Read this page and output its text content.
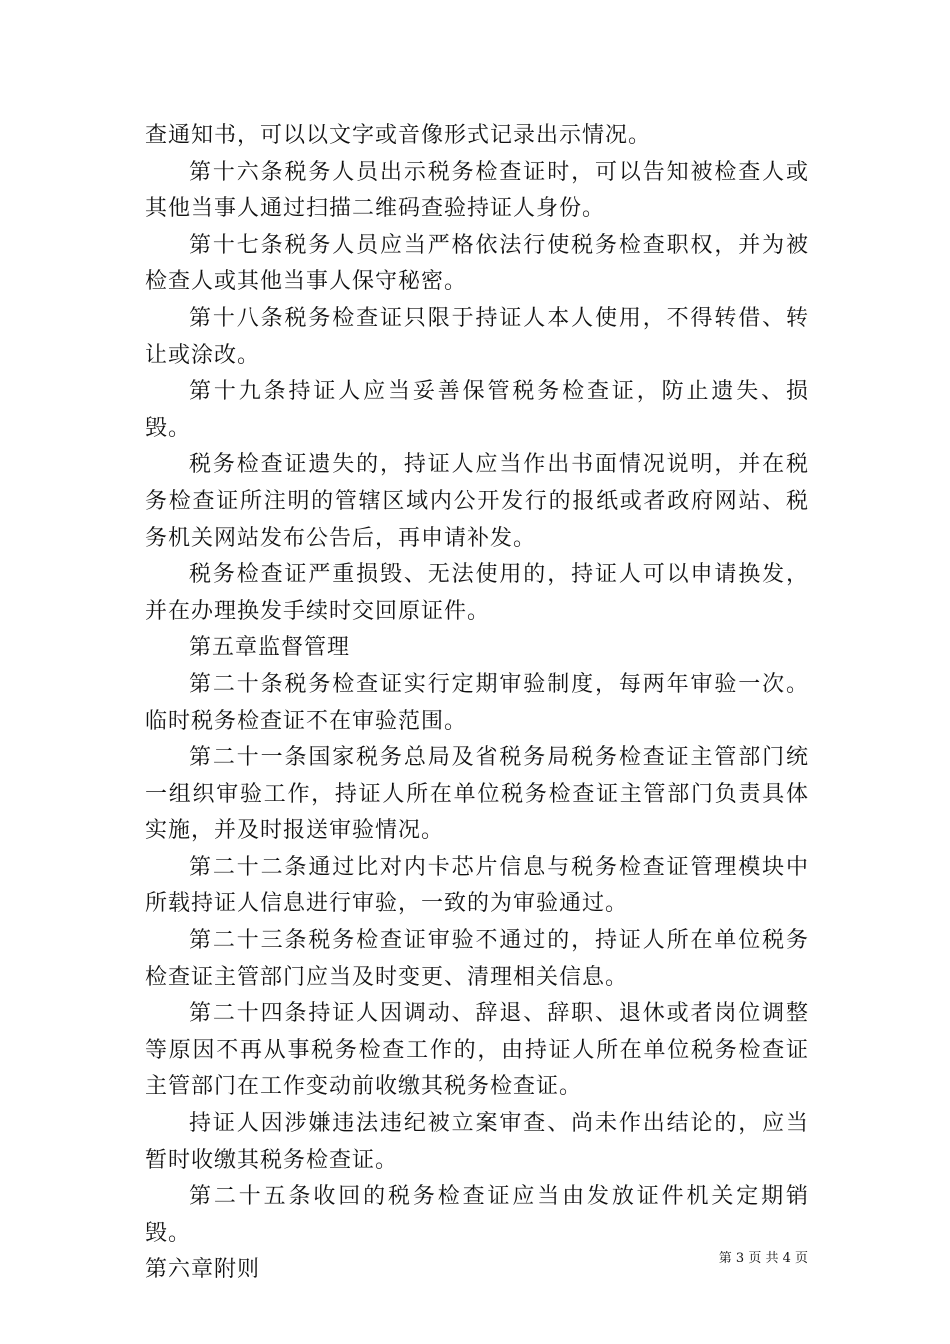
查通知书，可以以文字或音像形式记录出示情况。

第十六条税务人员出示税务检查证时，可以告知被检查人或其他当事人通过扫描二维码查验持证人身份。

第十七条税务人员应当严格依法行使税务检查职权，并为被检查人或其他当事人保守秘密。

第十八条税务检查证只限于持证人本人使用，不得转借、转让或涂改。

第十九条持证人应当妥善保管税务检查证，防止遗失、损毁。

税务检查证遗失的，持证人应当作出书面情况说明，并在税务检查证所注明的管辖区域内公开发行的报纸或者政府网站、税务机关网站发布公告后，再申请补发。

税务检查证严重损毁、无法使用的，持证人可以申请换发，并在办理换发手续时交回原证件。

第五章监督管理

第二十条税务检查证实行定期审验制度，每两年审验一次。临时税务检查证不在审验范围。

第二十一条国家税务总局及省税务局税务检查证主管部门统一组织审验工作，持证人所在单位税务检查证主管部门负责具体实施，并及时报送审验情况。

第二十二条通过比对内卡芯片信息与税务检查证管理模块中所载持证人信息进行审验，一致的为审验通过。

第二十三条税务检查证审验不通过的，持证人所在单位税务检查证主管部门应当及时变更、清理相关信息。

第二十四条持证人因调动、辞退、辞职、退休或者岗位调整等原因不再从事税务检查工作的，由持证人所在单位税务检查证主管部门在工作变动前收缴其税务检查证。

持证人因涉嫌违法违纪被立案审查、尚未作出结论的，应当暂时收缴其税务检查证。

第二十五条收回的税务检查证应当由发放证件机关定期销毁。

第六章附则	第 3 页 共 4 页
